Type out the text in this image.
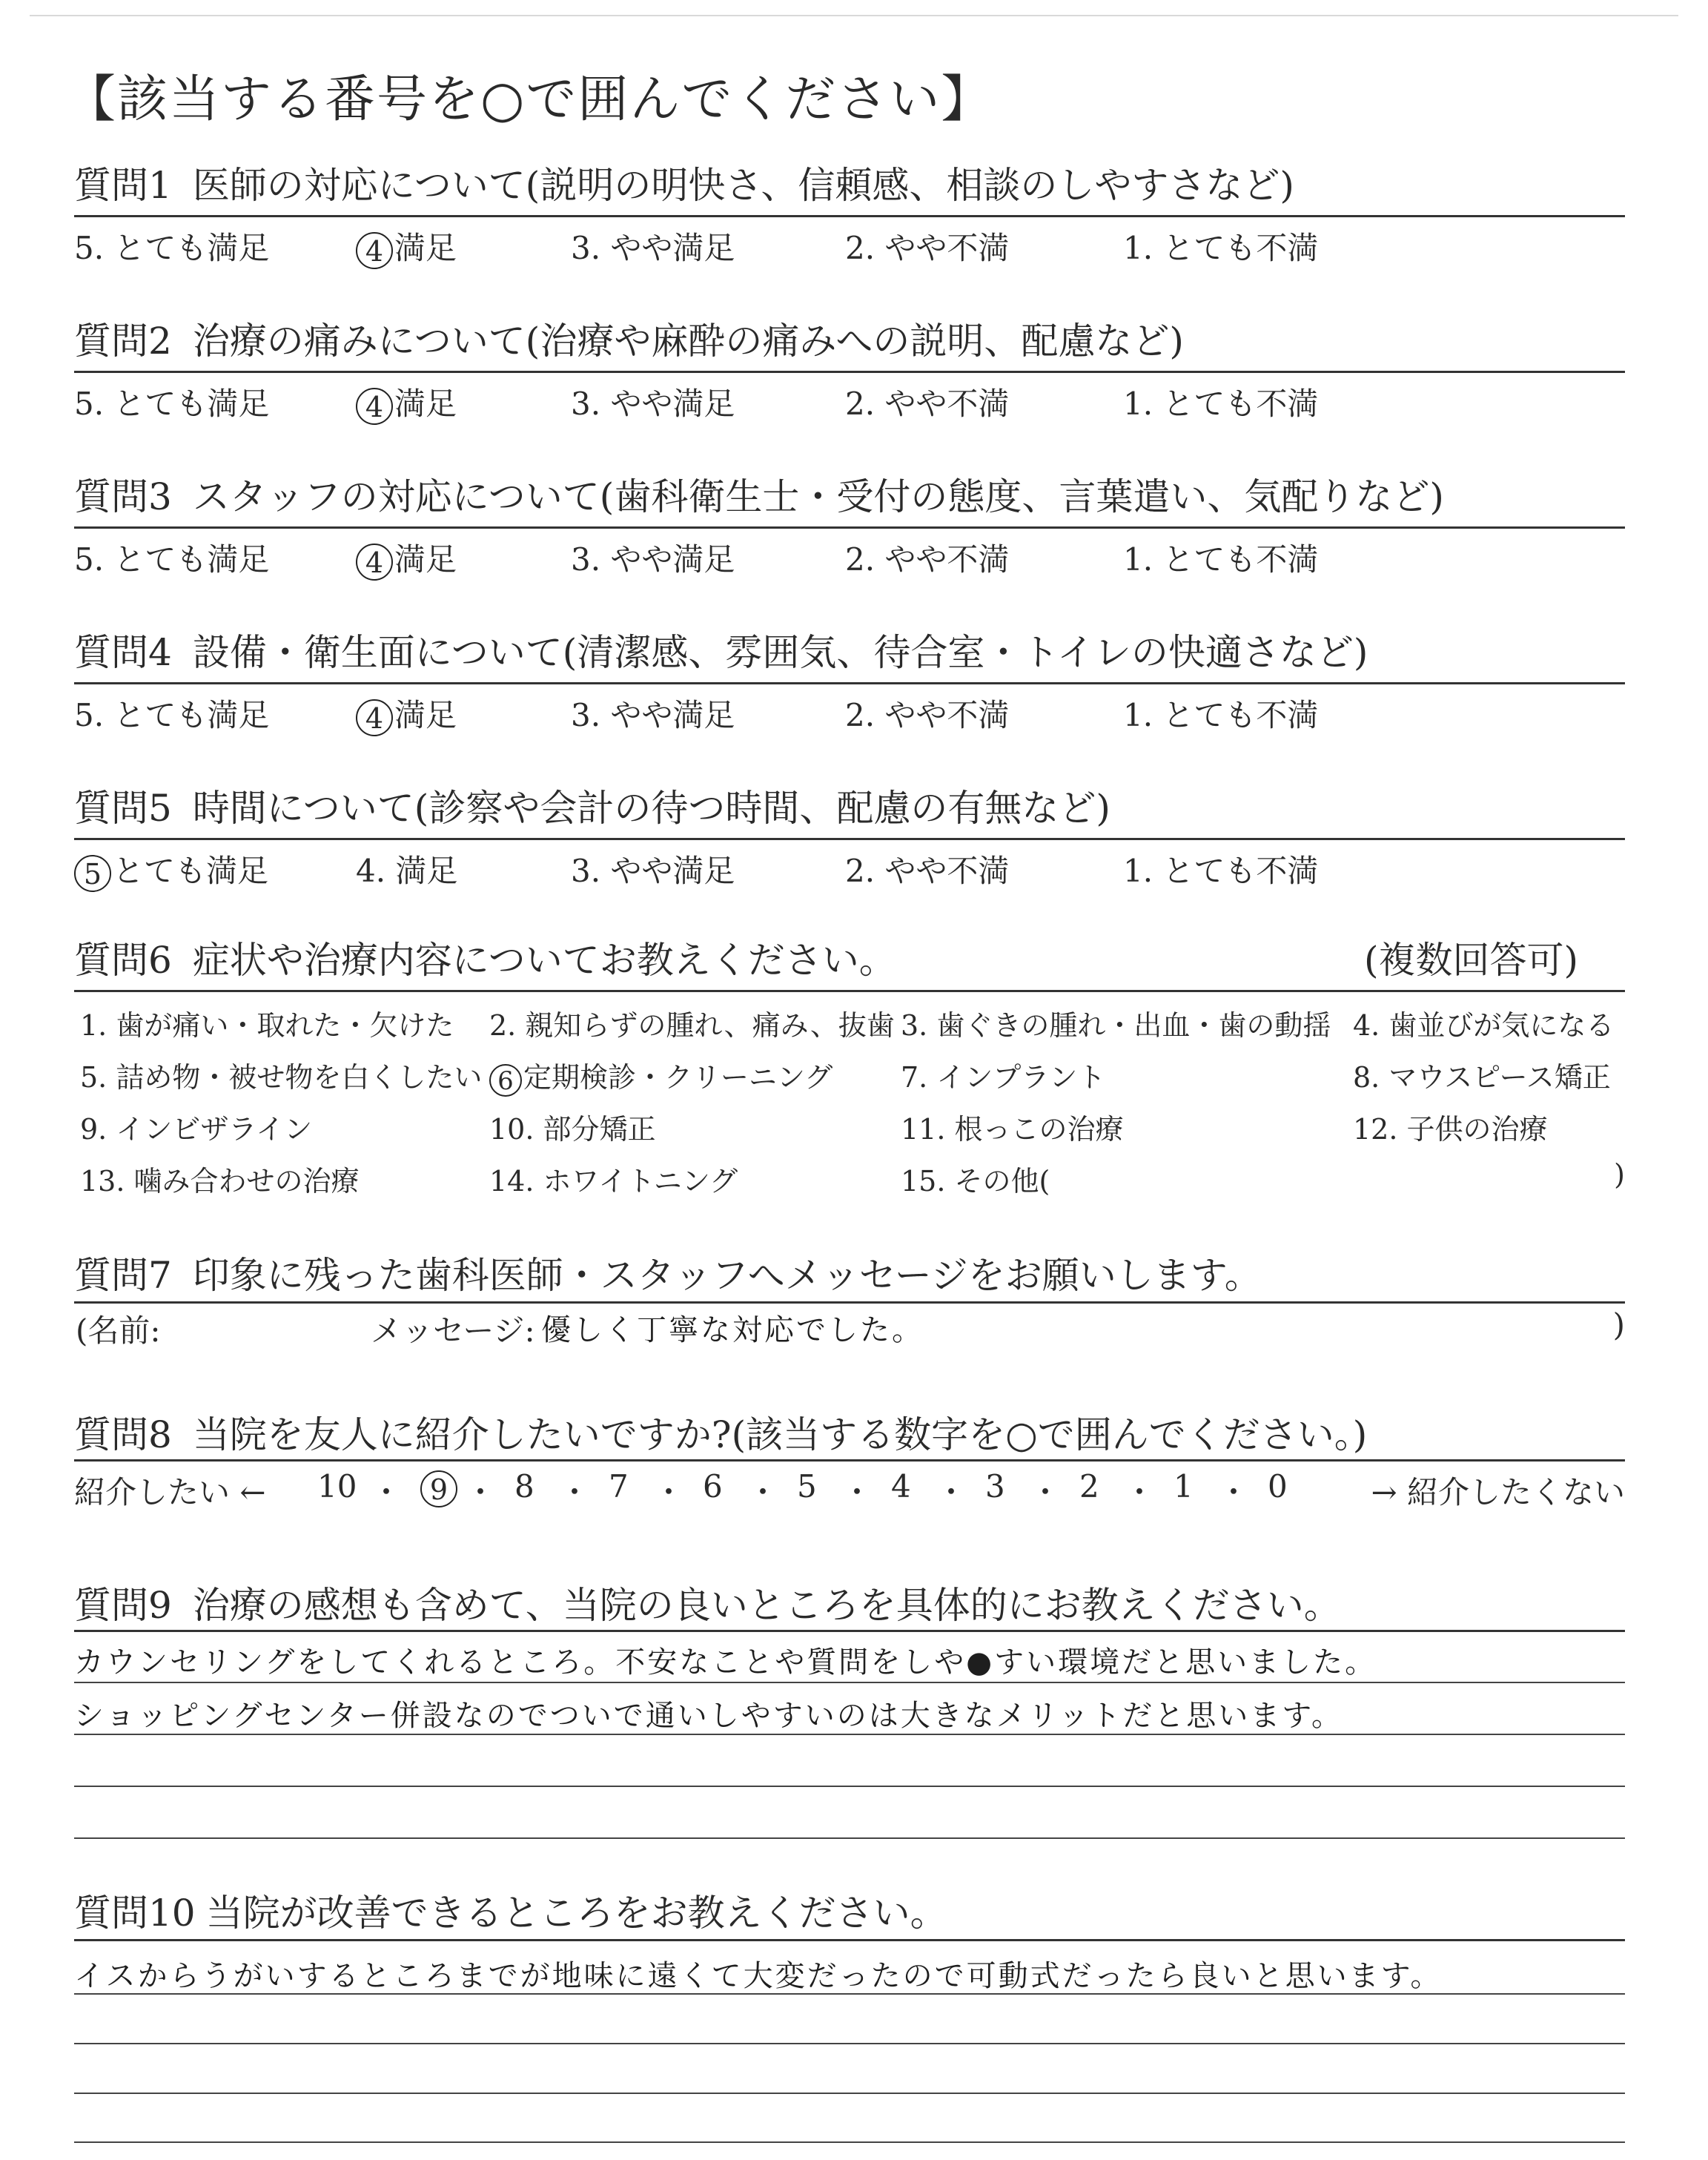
【該当する番号を○で囲んでください】
質問1 医師の対応について(説明の明快さ、信頼感、相談のしやすさなど)
5. とても満足	4 満足	3. やや満足	2. やや不満	1. とても不満
質問2 治療の痛みについて(治療や麻酔の痛みへの説明、配慮など)
5. とても満足	4 満足	3. やや満足	2. やや不満	1. とても不満
質問3 スタッフの対応について(歯科衛生士・受付の態度、言葉遣い、気配りなど)
5. とても満足	4 満足	3. やや満足	2. やや不満	1. とても不満
質問4 設備・衛生面について(清潔感、雰囲気、待合室・トイレの快適さなど)
5. とても満足	4 満足	3. やや満足	2. やや不満	1. とても不満
質問5 時間について(診察や会計の待つ時間、配慮の有無など)
5 とても満足	4. 満足	3. やや満足	2. やや不満	1. とても不満
質問6 症状や治療内容についてお教えください。	(複数回答可)
1. 歯が痛い・取れた・欠けた 2. 親知らずの腫れ、痛み、抜歯 3. 歯ぐきの腫れ・出血・歯の動揺 4. 歯並びが気になる
5. 詰め物・被せ物を白くしたい 6 定期検診・クリーニング 7. インプラント	8. マウスピース矯正
9. インビザライン	10. 部分矯正	11. 根っこの治療	12. 子供の治療
13. 噛み合わせの治療	14. ホワイトニング	15. その他(	)
質問7 印象に残った歯科医師・スタッフへメッセージをお願いします。
(名前:	メッセージ: 優しく丁寧な対応でした。	)
質問8 当院を友人に紹介したいですか?(該当する数字を○で囲んでください。)
紹介したい ←	→ 紹介したくない
10 ・ 9 ・ 8 ・ 7 ・ 6 ・ 5 ・ 4 ・ 3 ・ 2 ・ 1 ・ 0
質問9 治療の感想も含めて、当院の良いところを具体的にお教えください。
カウンセリングをしてくれるところ。不安なことや質問をしや●すい環境だと思いました。
ショッピングセンター併設なのでついで通いしやすいのは大きなメリットだと思います。
質問10 当院が改善できるところをお教えください。
イスからうがいするところまでが地味に遠くて大変だったので可動式だったら良いと思います。
